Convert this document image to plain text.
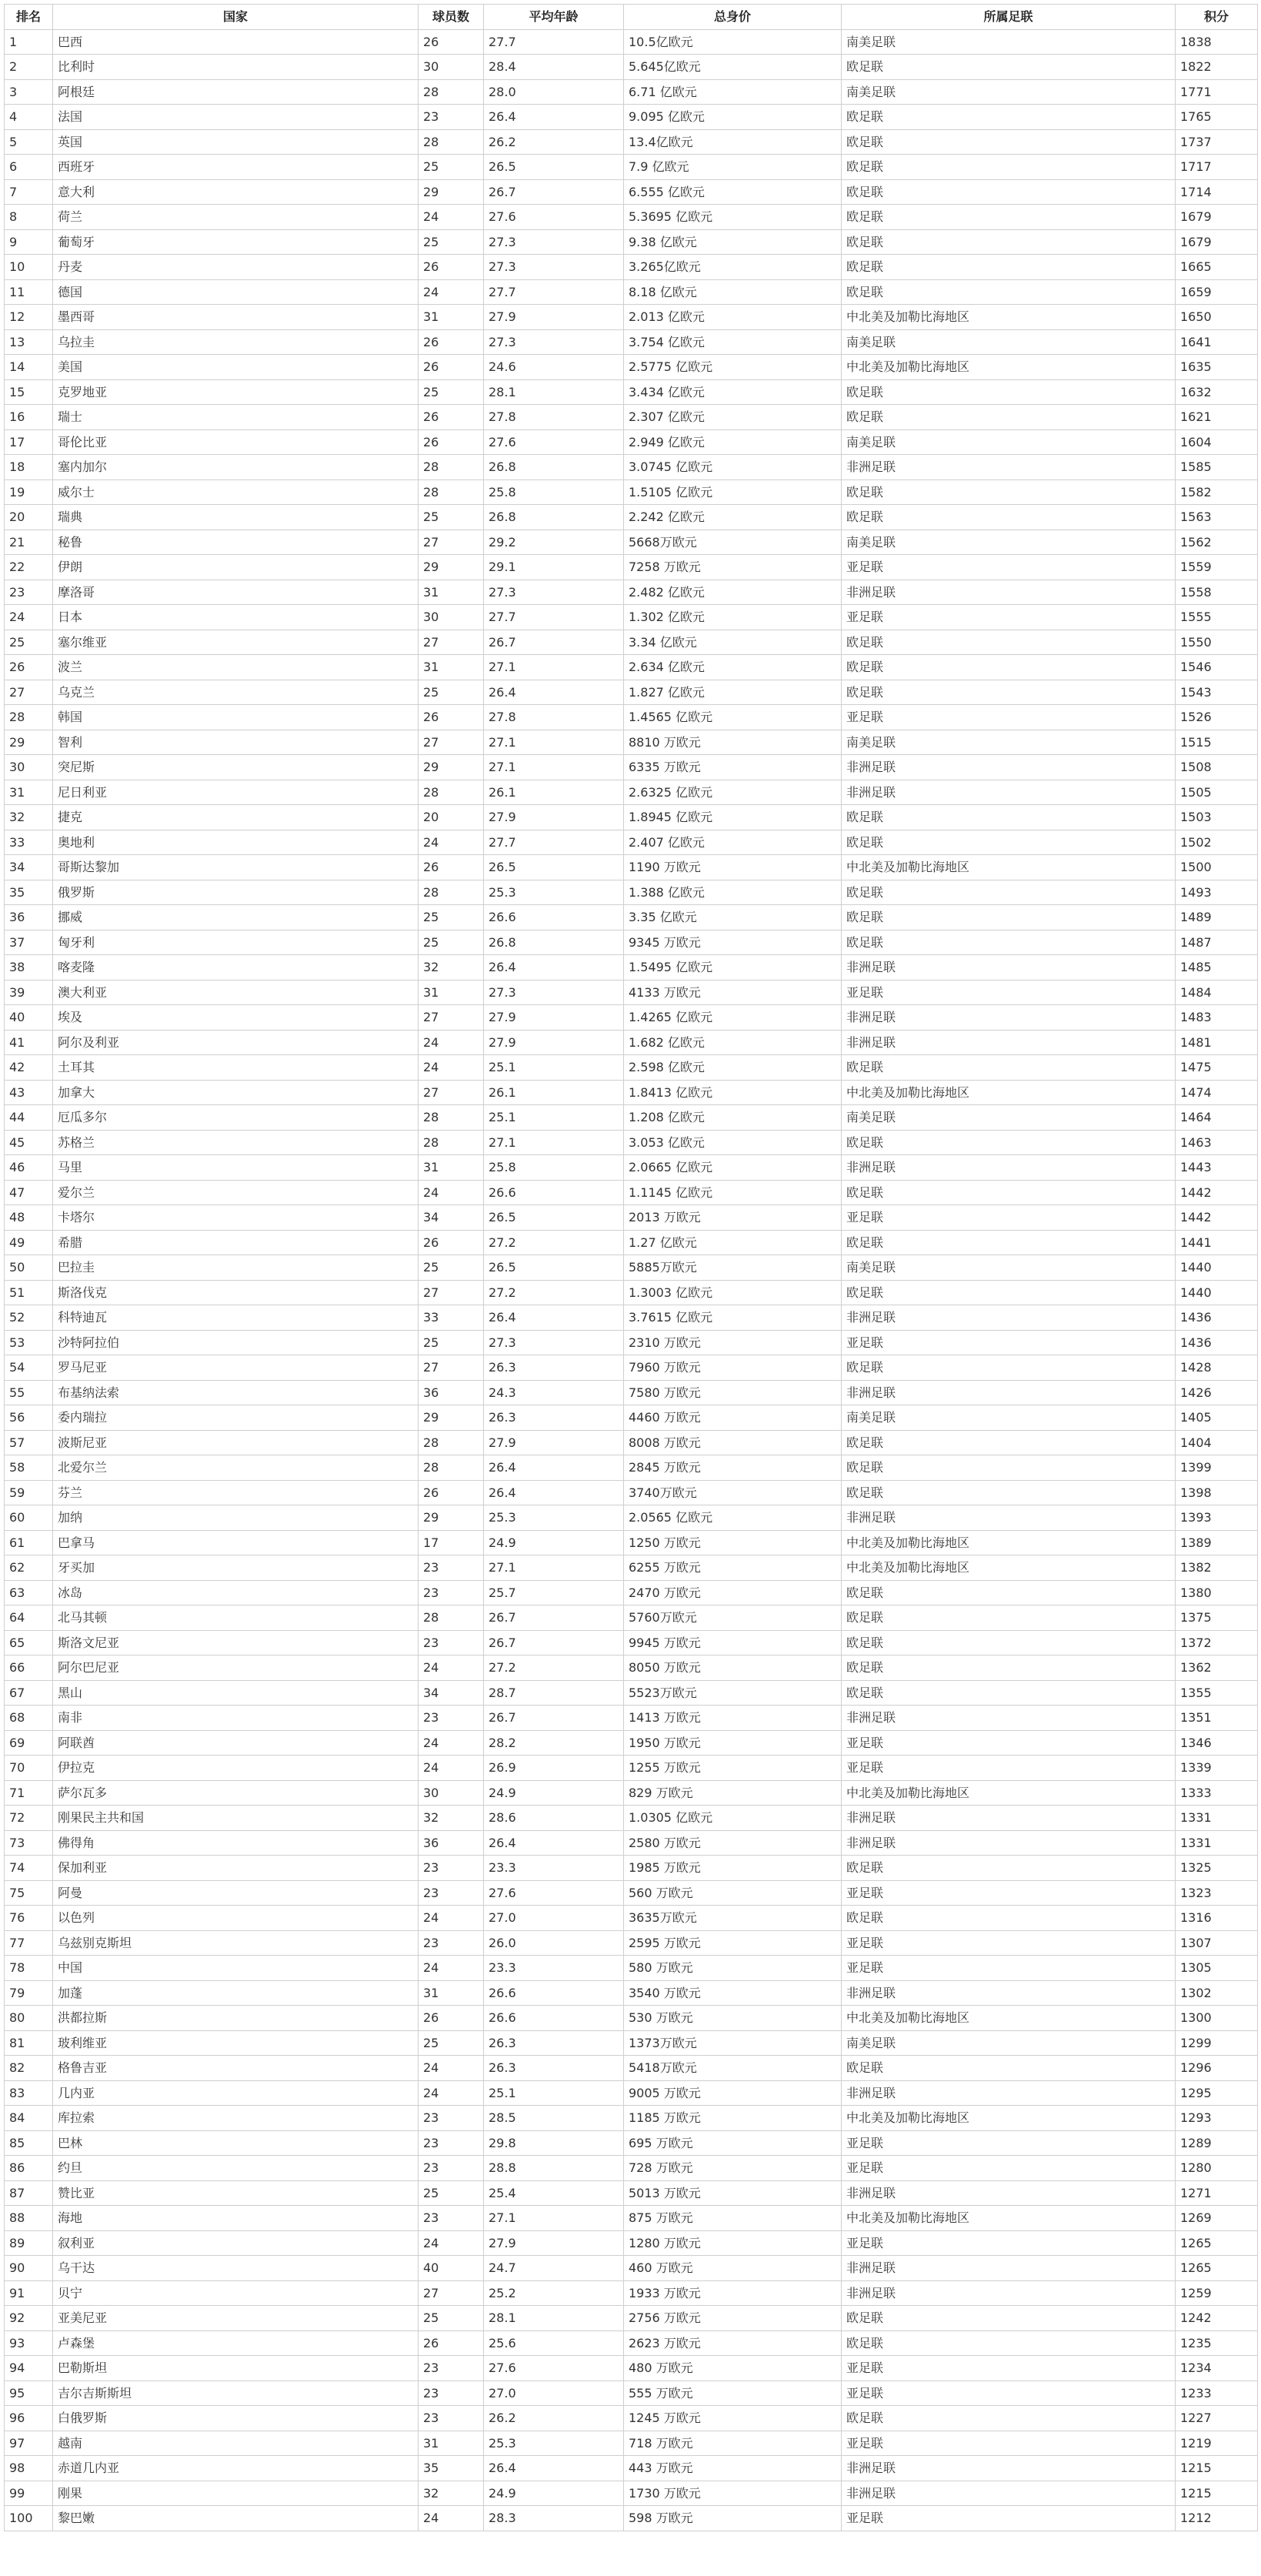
排名	国家	球员数	平均年龄	总身价	所属足联	积分
1	巴西	26	27.7	10.5亿欧元	南美足联	1838
2	比利时	30	28.4	5.645亿欧元	欧足联	1822
3	阿根廷	28	28.0	6.71 亿欧元	南美足联	1771
4	法国	23	26.4	9.095 亿欧元	欧足联	1765
5	英国	28	26.2	13.4亿欧元	欧足联	1737
6	西班牙	25	26.5	7.9 亿欧元	欧足联	1717
7	意大利	29	26.7	6.555 亿欧元	欧足联	1714
8	荷兰	24	27.6	5.3695 亿欧元	欧足联	1679
9	葡萄牙	25	27.3	9.38 亿欧元	欧足联	1679
10	丹麦	26	27.3	3.265亿欧元	欧足联	1665
11	德国	24	27.7	8.18 亿欧元	欧足联	1659
12	墨西哥	31	27.9	2.013 亿欧元	中北美及加勒比海地区	1650
13	乌拉圭	26	27.3	3.754 亿欧元	南美足联	1641
14	美国	26	24.6	2.5775 亿欧元	中北美及加勒比海地区	1635
15	克罗地亚	25	28.1	3.434 亿欧元	欧足联	1632
16	瑞士	26	27.8	2.307 亿欧元	欧足联	1621
17	哥伦比亚	26	27.6	2.949 亿欧元	南美足联	1604
18	塞内加尔	28	26.8	3.0745 亿欧元	非洲足联	1585
19	威尔士	28	25.8	1.5105 亿欧元	欧足联	1582
20	瑞典	25	26.8	2.242 亿欧元	欧足联	1563
21	秘鲁	27	29.2	5668万欧元	南美足联	1562
22	伊朗	29	29.1	7258 万欧元	亚足联	1559
23	摩洛哥	31	27.3	2.482 亿欧元	非洲足联	1558
24	日本	30	27.7	1.302 亿欧元	亚足联	1555
25	塞尔维亚	27	26.7	3.34 亿欧元	欧足联	1550
26	波兰	31	27.1	2.634 亿欧元	欧足联	1546
27	乌克兰	25	26.4	1.827 亿欧元	欧足联	1543
28	韩国	26	27.8	1.4565 亿欧元	亚足联	1526
29	智利	27	27.1	8810 万欧元	南美足联	1515
30	突尼斯	29	27.1	6335 万欧元	非洲足联	1508
31	尼日利亚	28	26.1	2.6325 亿欧元	非洲足联	1505
32	捷克	20	27.9	1.8945 亿欧元	欧足联	1503
33	奥地利	24	27.7	2.407 亿欧元	欧足联	1502
34	哥斯达黎加	26	26.5	1190 万欧元	中北美及加勒比海地区	1500
35	俄罗斯	28	25.3	1.388 亿欧元	欧足联	1493
36	挪威	25	26.6	3.35 亿欧元	欧足联	1489
37	匈牙利	25	26.8	9345 万欧元	欧足联	1487
38	喀麦隆	32	26.4	1.5495 亿欧元	非洲足联	1485
39	澳大利亚	31	27.3	4133 万欧元	亚足联	1484
40	埃及	27	27.9	1.4265 亿欧元	非洲足联	1483
41	阿尔及利亚	24	27.9	1.682 亿欧元	非洲足联	1481
42	土耳其	24	25.1	2.598 亿欧元	欧足联	1475
43	加拿大	27	26.1	1.8413 亿欧元	中北美及加勒比海地区	1474
44	厄瓜多尔	28	25.1	1.208 亿欧元	南美足联	1464
45	苏格兰	28	27.1	3.053 亿欧元	欧足联	1463
46	马里	31	25.8	2.0665 亿欧元	非洲足联	1443
47	爱尔兰	24	26.6	1.1145 亿欧元	欧足联	1442
48	卡塔尔	34	26.5	2013 万欧元	亚足联	1442
49	希腊	26	27.2	1.27 亿欧元	欧足联	1441
50	巴拉圭	25	26.5	5885万欧元	南美足联	1440
51	斯洛伐克	27	27.2	1.3003 亿欧元	欧足联	1440
52	科特迪瓦	33	26.4	3.7615 亿欧元	非洲足联	1436
53	沙特阿拉伯	25	27.3	2310 万欧元	亚足联	1436
54	罗马尼亚	27	26.3	7960 万欧元	欧足联	1428
55	布基纳法索	36	24.3	7580 万欧元	非洲足联	1426
56	委内瑞拉	29	26.3	4460 万欧元	南美足联	1405
57	波斯尼亚	28	27.9	8008 万欧元	欧足联	1404
58	北爱尔兰	28	26.4	2845 万欧元	欧足联	1399
59	芬兰	26	26.4	3740万欧元	欧足联	1398
60	加纳	29	25.3	2.0565 亿欧元	非洲足联	1393
61	巴拿马	17	24.9	1250 万欧元	中北美及加勒比海地区	1389
62	牙买加	23	27.1	6255 万欧元	中北美及加勒比海地区	1382
63	冰岛	23	25.7	2470 万欧元	欧足联	1380
64	北马其顿	28	26.7	5760万欧元	欧足联	1375
65	斯洛文尼亚	23	26.7	9945 万欧元	欧足联	1372
66	阿尔巴尼亚	24	27.2	8050 万欧元	欧足联	1362
67	黑山	34	28.7	5523万欧元	欧足联	1355
68	南非	23	26.7	1413 万欧元	非洲足联	1351
69	阿联酋	24	28.2	1950 万欧元	亚足联	1346
70	伊拉克	24	26.9	1255 万欧元	亚足联	1339
71	萨尔瓦多	30	24.9	829 万欧元	中北美及加勒比海地区	1333
72	刚果民主共和国	32	28.6	1.0305 亿欧元	非洲足联	1331
73	佛得角	36	26.4	2580 万欧元	非洲足联	1331
74	保加利亚	23	23.3	1985 万欧元	欧足联	1325
75	阿曼	23	27.6	560 万欧元	亚足联	1323
76	以色列	24	27.0	3635万欧元	欧足联	1316
77	乌兹别克斯坦	23	26.0	2595 万欧元	亚足联	1307
78	中国	24	23.3	580 万欧元	亚足联	1305
79	加蓬	31	26.6	3540 万欧元	非洲足联	1302
80	洪都拉斯	26	26.6	530 万欧元	中北美及加勒比海地区	1300
81	玻利维亚	25	26.3	1373万欧元	南美足联	1299
82	格鲁吉亚	24	26.3	5418万欧元	欧足联	1296
83	几内亚	24	25.1	9005 万欧元	非洲足联	1295
84	库拉索	23	28.5	1185 万欧元	中北美及加勒比海地区	1293
85	巴林	23	29.8	695 万欧元	亚足联	1289
86	约旦	23	28.8	728 万欧元	亚足联	1280
87	赞比亚	25	25.4	5013 万欧元	非洲足联	1271
88	海地	23	27.1	875 万欧元	中北美及加勒比海地区	1269
89	叙利亚	24	27.9	1280 万欧元	亚足联	1265
90	乌干达	40	24.7	460 万欧元	非洲足联	1265
91	贝宁	27	25.2	1933 万欧元	非洲足联	1259
92	亚美尼亚	25	28.1	2756 万欧元	欧足联	1242
93	卢森堡	26	25.6	2623 万欧元	欧足联	1235
94	巴勒斯坦	23	27.6	480 万欧元	亚足联	1234
95	吉尔吉斯斯坦	23	27.0	555 万欧元	亚足联	1233
96	白俄罗斯	23	26.2	1245 万欧元	欧足联	1227
97	越南	31	25.3	718 万欧元	亚足联	1219
98	赤道几内亚	35	26.4	443 万欧元	非洲足联	1215
99	刚果	32	24.9	1730 万欧元	非洲足联	1215
100	黎巴嫩	24	28.3	598 万欧元	亚足联	1212
